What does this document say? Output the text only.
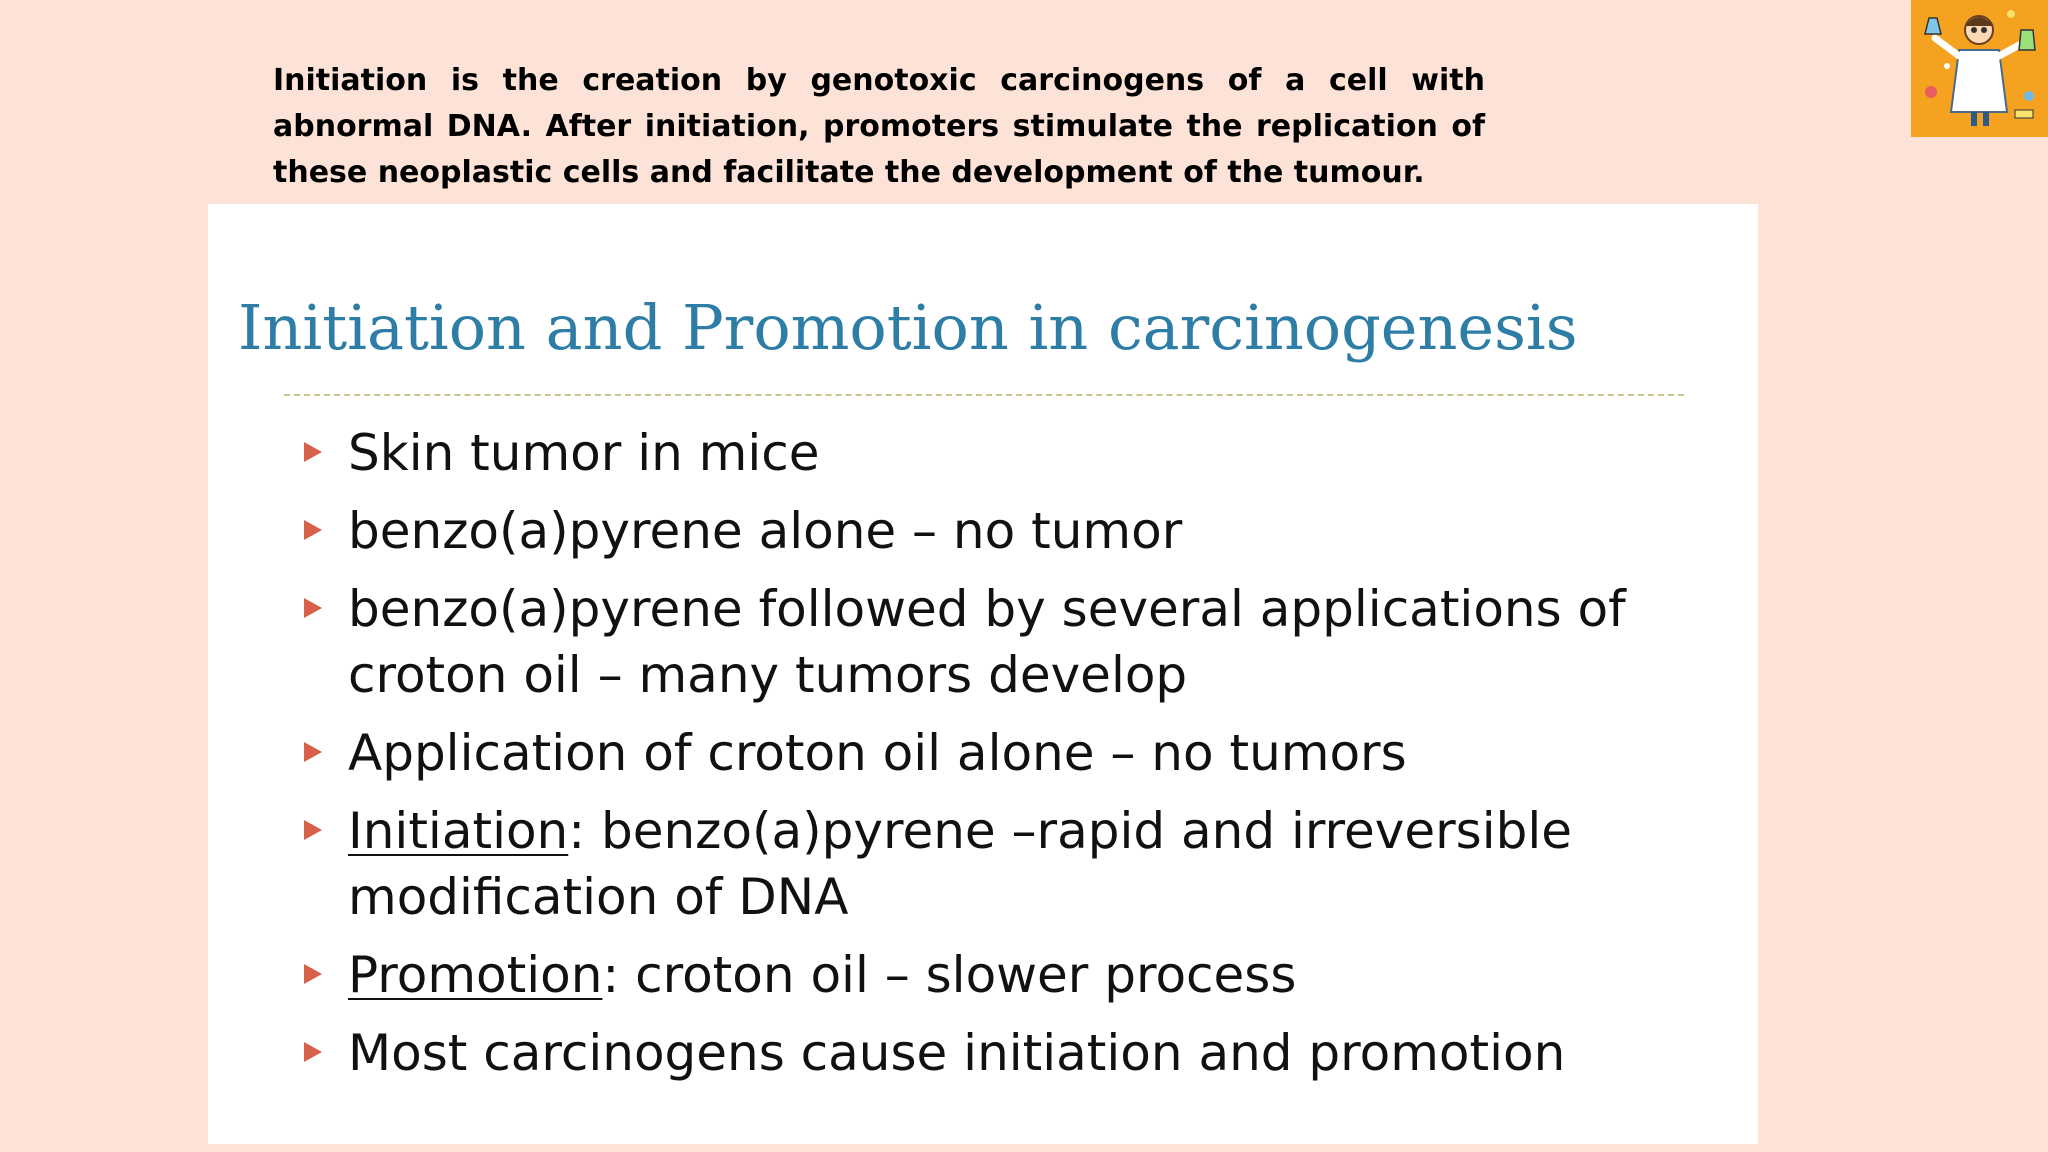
Initiation is the creation by genotoxic carcinogens of a cell with abnormal DNA. After initiation, promoters stimulate the replication of these neoplastic cells and facilitate the development of the tumour.

Initiation and Promotion in carcinogenesis
Skin tumor in mice
benzo(a)pyrene alone – no tumor
benzo(a)pyrene followed by several applications of croton oil – many tumors develop
Application of croton oil alone – no tumors
Initiation: benzo(a)pyrene –rapid and irreversible modification of DNA
Promotion: croton oil – slower process
Most carcinogens cause initiation and promotion
